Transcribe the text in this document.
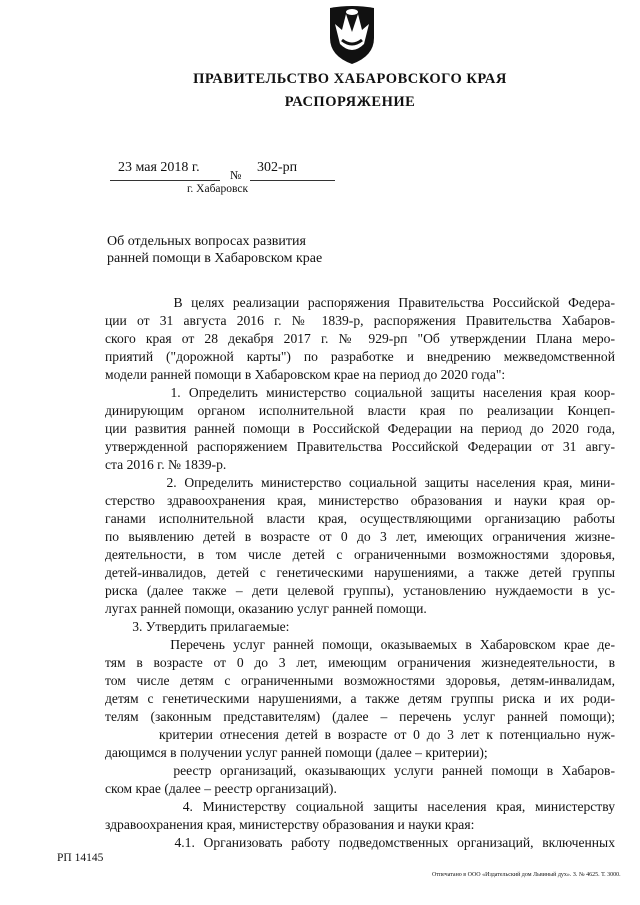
ПРАВИТЕЛЬСТВО ХАБАРОВСКОГО КРАЯ
РАСПОРЯЖЕНИЕ
23 мая 2018 г.	№ 302-рп
г. Хабаровск
Об отдельных вопросах развития
ранней помощи в Хабаровском крае
В целях реализации распоряжения Правительства Российской Федера-
ции от 31 августа 2016 г. № 1839-р, распоряжения Правительства Хабаров-
ского края от 28 декабря 2017 г. № 929-рп "Об утверждении Плана меро-
приятий ("дорожной карты") по разработке и внедрению межведомственной
модели ранней помощи в Хабаровском крае на период до 2020 года":
1. Определить министерство социальной защиты населения края коор-
динирующим органом исполнительной власти края по реализации Концеп-
ции развития ранней помощи в Российской Федерации на период до 2020 года,
утвержденной распоряжением Правительства Российской Федерации от 31 авгу-
ста 2016 г. № 1839-р.
2. Определить министерство социальной защиты населения края, мини-
стерство здравоохранения края, министерство образования и науки края ор-
ганами исполнительной власти края, осуществляющими организацию работы
по выявлению детей в возрасте от 0 до 3 лет, имеющих ограничения жизне-
деятельности, в том числе детей с ограниченными возможностями здоровья,
детей-инвалидов, детей с генетическими нарушениями, а также детей группы
риска (далее также – дети целевой группы), установлению нуждаемости в ус-
лугах ранней помощи, оказанию услуг ранней помощи.
3. Утвердить прилагаемые:
Перечень услуг ранней помощи, оказываемых в Хабаровском крае де-
тям в возрасте от 0 до 3 лет, имеющим ограничения жизнедеятельности, в
том числе детям с ограниченными возможностями здоровья, детям-инвалидам,
детям с генетическими нарушениями, а также детям группы риска и их роди-
телям (законным представителям) (далее – перечень услуг ранней помощи);
критерии отнесения детей в возрасте от 0 до 3 лет к потенциально нуж-
дающимся в получении услуг ранней помощи (далее – критерии);
реестр организаций, оказывающих услуги ранней помощи в Хабаров-
ском крае (далее – реестр организаций).
4. Министерству социальной защиты населения края, министерству
здравоохранения края, министерству образования и науки края:
4.1. Организовать работу подведомственных организаций, включенных
РП 14145
Отпечатано в ООО «Издательский дом Львиный дух». З. № 4625. Т. 3000.
